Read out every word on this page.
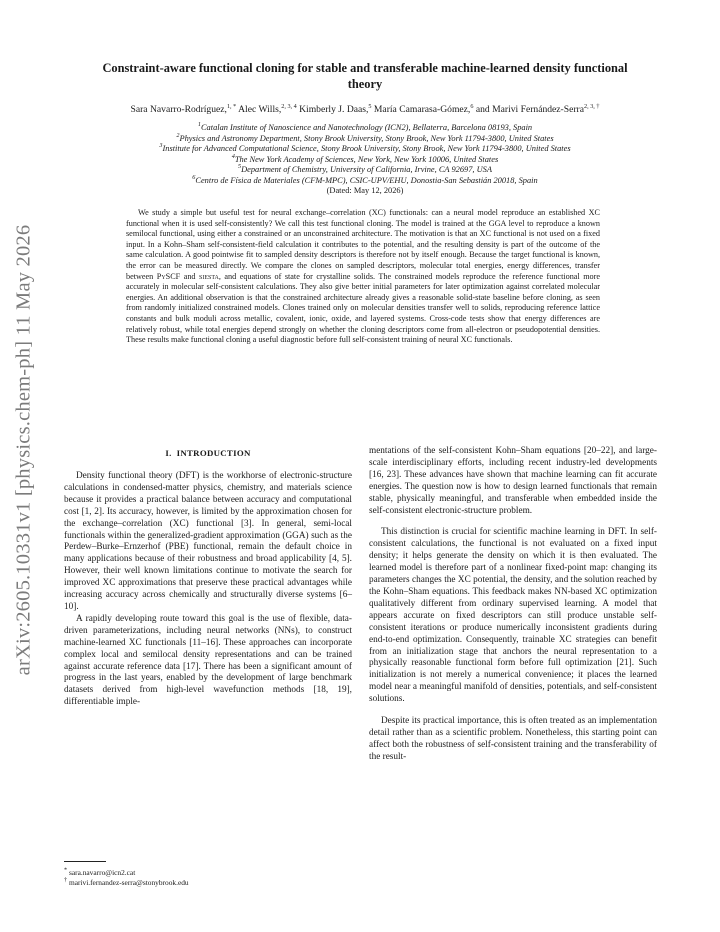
arXiv:2605.10331v1 [physics.chem-ph] 11 May 2026
Constraint-aware functional cloning for stable and transferable machine-learned density functional
theory
Sara Navarro-Rodríguez,$^{1, *}$ Alec Wills,$^{2, 3, 4}$ Kimberly J. Daas,$^5$ María Camarasa-Gómez,$^6$ and Marivi Fernández-Serra$^{2, 3, \dagger}$
$^1$Catalan Institute of Nanoscience and Nanotechnology (ICN2), Bellaterra, Barcelona 08193, Spain
$^2$Physics and Astronomy Department, Stony Brook University, Stony Brook, New York 11794-3800, United States
$^3$Institute for Advanced Computational Science, Stony Brook University, Stony Brook, New York 11794-3800, United States
$^4$The New York Academy of Sciences, New York, New York 10006, United States
$^5$Department of Chemistry, University of California, Irvine, CA 92697, USA
$^6$Centro de Física de Materiales (CFM-MPC), CSIC-UPV/EHU, Donostia-San Sebastián 20018, Spain
(Dated: May 12, 2026)
We study a simple but useful test for neural exchange–correlation (XC) functionals: can a neural model reproduce an established XC functional when it is used self-consistently? We call this test functional cloning. The model is trained at the GGA level to reproduce a known semilocal functional, using either a constrained or an unconstrained architecture. The motivation is that an XC functional is not used on a fixed input. In a Kohn–Sham self-consistent-field calculation it contributes to the potential, and the resulting density is part of the outcome of the same calculation. A good pointwise fit to sampled density descriptors is therefore not by itself enough. Because the target functional is known, the error can be measured directly. We compare the clones on sampled descriptors, molecular total energies, energy differences, transfer between PySCF and siesta, and equations of state for crystalline solids. The constrained models reproduce the reference functional more accurately in molecular self-consistent calculations. They also give better initial parameters for later optimization against correlated molecular energies. An additional observation is that the constrained architecture already gives a reasonable solid-state baseline before cloning, as seen from randomly initialized constrained models. Clones trained only on molecular densities transfer well to solids, reproducing reference lattice constants and bulk moduli across metallic, covalent, ionic, oxide, and layered systems. Cross-code tests show that energy differences are relatively robust, while total energies depend strongly on whether the cloning descriptors come from all-electron or pseudopotential densities. These results make functional cloning a useful diagnostic before full self-consistent training of neural XC functionals.
I. INTRODUCTION

Density functional theory (DFT) is the workhorse of electronic-structure calculations in condensed-matter physics, chemistry, and materials science because it provides a practical balance between accuracy and computational cost [1, 2]. Its accuracy, however, is limited by the approximation chosen for the exchange–correlation (XC) functional [3]. In general, semi-local functionals within the generalized-gradient approximation (GGA) such as the Perdew–Burke–Ernzerhof (PBE) functional, remain the default choice in many applications because of their robustness and broad applicability [4, 5]. However, their well known limitations continue to motivate the search for improved XC approximations that preserve these practical advantages while increasing accuracy across chemically and structurally diverse systems [6–10].

A rapidly developing route toward this goal is the use of flexible, data-driven parameterizations, including neural networks (NNs), to construct machine-learned XC functionals [11–16]. These approaches can incorporate complex local and semilocal density representations and can be trained against accurate reference data [17]. There has been a significant amount of progress in the last years, enabled by the development of large benchmark datasets derived from high-level wavefunction methods [18, 19], differentiable imple-

mentations of the self-consistent Kohn–Sham equations [20–22], and large-scale interdisciplinary efforts, including recent industry-led developments [16, 23]. These advances have shown that machine learning can fit accurate energies. The question now is how to design learned functionals that remain stable, physically meaningful, and transferable when embedded inside the self-consistent electronic-structure problem.

This distinction is crucial for scientific machine learning in DFT. In self-consistent calculations, the functional is not evaluated on a fixed input density; it helps generate the density on which it is then evaluated. The learned model is therefore part of a nonlinear fixed-point map: changing its parameters changes the XC potential, the density, and the solution reached by the Kohn–Sham equations. This feedback makes NN-based XC optimization qualitatively different from ordinary supervised learning. A model that appears accurate on fixed descriptors can still produce unstable self-consistent iterations or produce numerically inconsistent gradients during end-to-end optimization. Consequently, trainable XC strategies can benefit from an initialization stage that anchors the neural representation to a physically reasonable functional form before full optimization [21]. Such initialization is not merely a numerical convenience; it places the learned model near a meaningful manifold of densities, potentials, and self-consistent solutions.

Despite its practical importance, this is often treated as an implementation detail rather than as a scientific problem. Nonetheless, this starting point can affect both the robustness of self-consistent training and the transferability of the result-

* sara.navarro@icn2.cat
† marivi.fernandez-serra@stonybrook.edu
